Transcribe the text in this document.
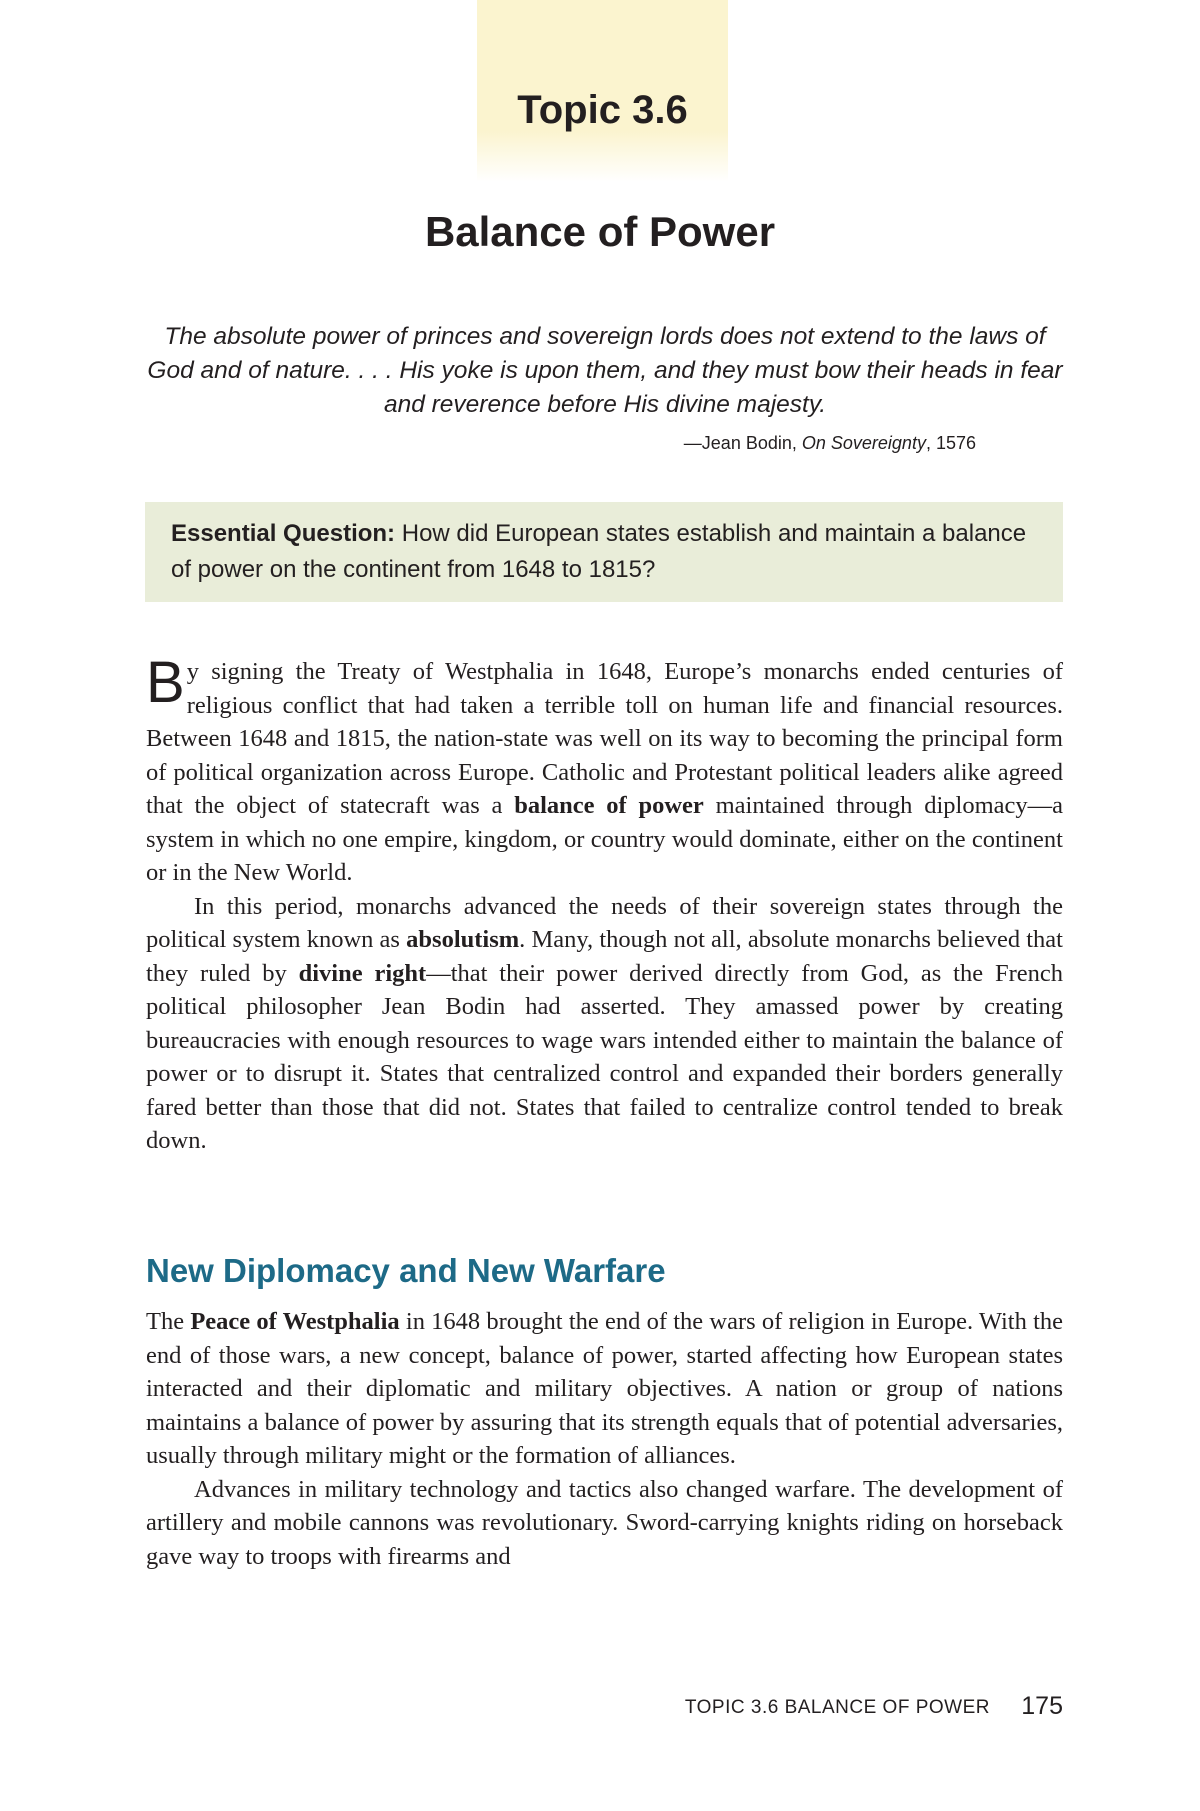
Topic 3.6
Balance of Power
The absolute power of princes and sovereign lords does not extend to the laws of God and of nature. . . . His yoke is upon them, and they must bow their heads in fear and reverence before His divine majesty.
—Jean Bodin, On Sovereignty, 1576
Essential Question: How did European states establish and maintain a balance of power on the continent from 1648 to 1815?

By signing the Treaty of Westphalia in 1648, Europe’s monarchs ended centuries of religious conflict that had taken a terrible toll on human life and financial resources. Between 1648 and 1815, the nation-state was well on its way to becoming the principal form of political organization across Europe. Catholic and Protestant political leaders alike agreed that the object of statecraft was a balance of power maintained through diplomacy—a system in which no one empire, kingdom, or country would dominate, either on the continent or in the New World.

In this period, monarchs advanced the needs of their sovereign states through the political system known as absolutism. Many, though not all, absolute monarchs believed that they ruled by divine right—that their power derived directly from God, as the French political philosopher Jean Bodin had asserted. They amassed power by creating bureaucracies with enough resources to wage wars intended either to maintain the balance of power or to disrupt it. States that centralized control and expanded their borders generally fared better than those that did not. States that failed to centralize control tended to break down.

New Diplomacy and New Warfare

The Peace of Westphalia in 1648 brought the end of the wars of religion in Europe. With the end of those wars, a new concept, balance of power, started affecting how European states interacted and their diplomatic and military objectives. A nation or group of nations maintains a balance of power by assuring that its strength equals that of potential adversaries, usually through military might or the formation of alliances.

Advances in military technology and tactics also changed warfare. The development of artillery and mobile cannons was revolutionary. Sword-carrying knights riding on horseback gave way to troops with firearms and

TOPIC 3.6 BALANCE OF POWER 175
